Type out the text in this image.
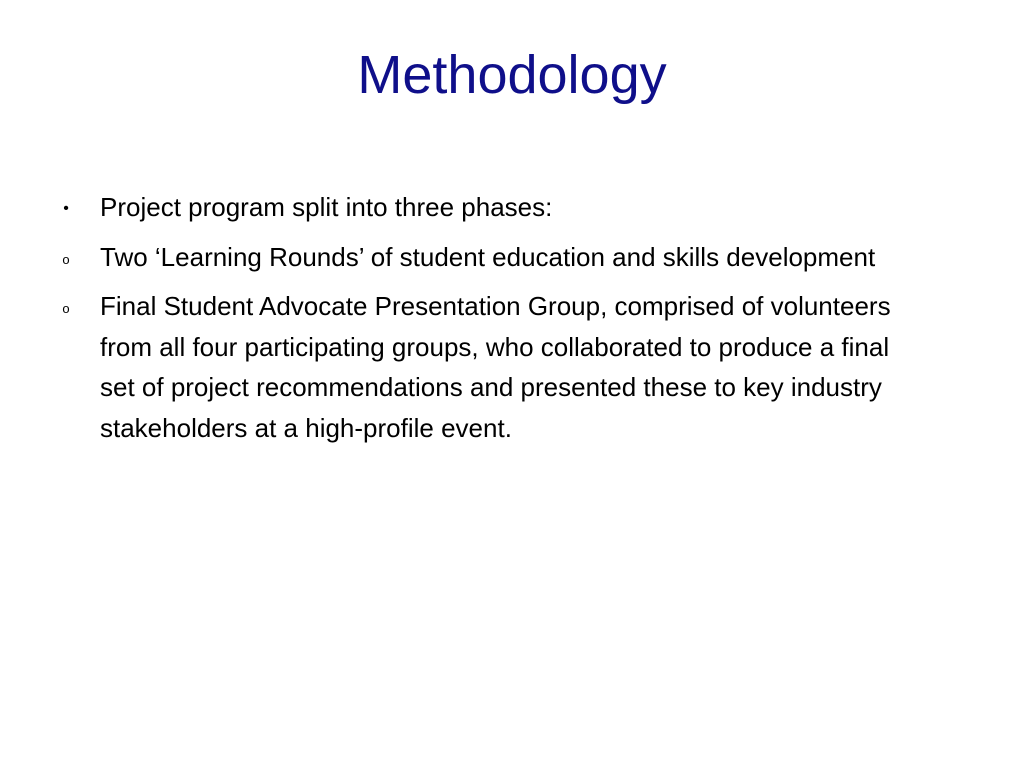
Methodology
• Project program split into three phases:
o Two ‘Learning Rounds’ of student education and skills development
o Final Student Advocate Presentation Group, comprised of volunteers from all four participating groups, who collaborated to produce a final set of project recommendations and presented these to key industry stakeholders at a high-profile event.
